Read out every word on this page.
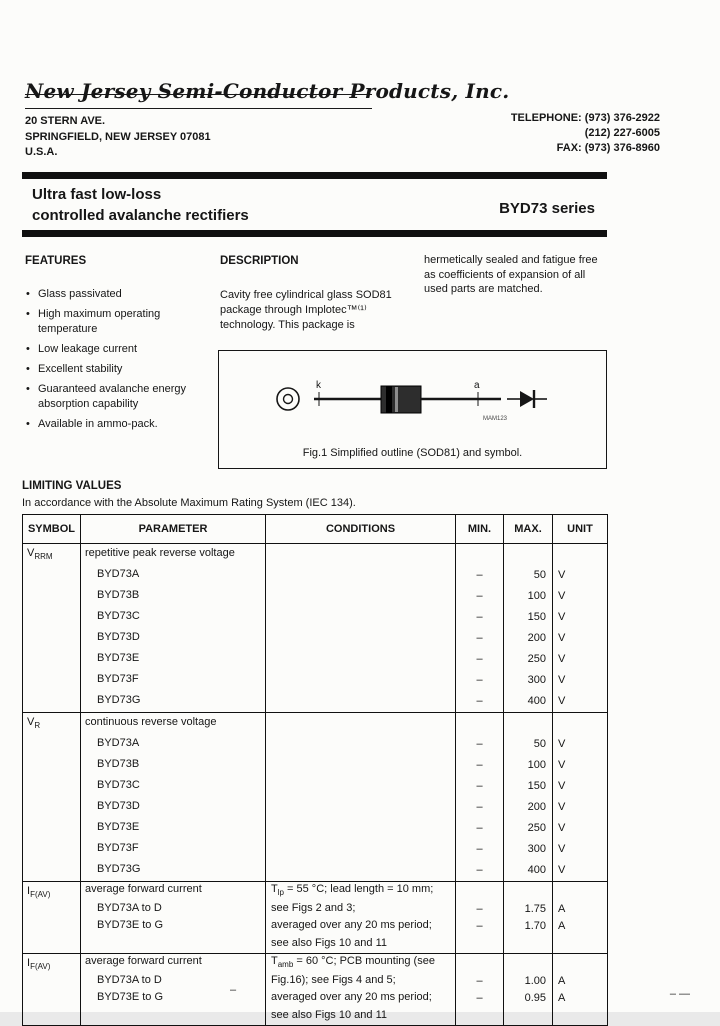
New Jersey Semi-Conductor Products, Inc.
20 STERN AVE.
SPRINGFIELD, NEW JERSEY 07081
U.S.A.
TELEPHONE: (973) 376-2922
(212) 227-6005
FAX: (973) 376-8960
Ultra fast low-loss
controlled avalanche rectifiers	BYD73 series
FEATURES
• Glass passivated
• High maximum operating temperature
• Low leakage current
• Excellent stability
• Guaranteed avalanche energy absorption capability
• Available in ammo-pack.
DESCRIPTION
Cavity free cylindrical glass SOD81
package through Implotec™⁽¹⁾
technology. This package is
hermetically sealed and fatigue free
as coefficients of expansion of all
used parts are matched.
k	a
MAM123
Fig.1 Simplified outline (SOD81) and symbol.
LIMITING VALUES
In accordance with the Absolute Maximum Rating System (IEC 134).
SYMBOL	PARAMETER	CONDITIONS	MIN.	MAX.	UNIT
$V_{RRM}$	repetitive peak reverse voltage				
	BYD73A		–	50	V
	BYD73B		–	100	V
	BYD73C		–	150	V
	BYD73D		–	200	V
	BYD73E		–	250	V
	BYD73F		–	300	V
	BYD73G		–	400	V
$V_R$	continuous reverse voltage				
	BYD73A		–	50	V
	BYD73B		–	100	V
	BYD73C		–	150	V
	BYD73D		–	200	V
	BYD73E		–	250	V
	BYD73F		–	300	V
	BYD73G		–	400	V
$I_{F(AV)}$	average forward current	$T_{lp} = 55$ °C; lead length = 10 mm;			
	BYD73A to D	see Figs 2 and 3;	–	1.75	A
	BYD73E to G	averaged over any 20 ms period;	–	1.70	A
		see also Figs 10 and 11			
$I_{F(AV)}$	average forward current	$T_{amb} = 60$ °C; PCB mounting (see			
	BYD73A to D	Fig.16); see Figs 4 and 5;	–	1.00	A
	BYD73E to G	averaged over any 20 ms period;	–	0.95	A
		see also Figs 10 and 11			
–	– —
